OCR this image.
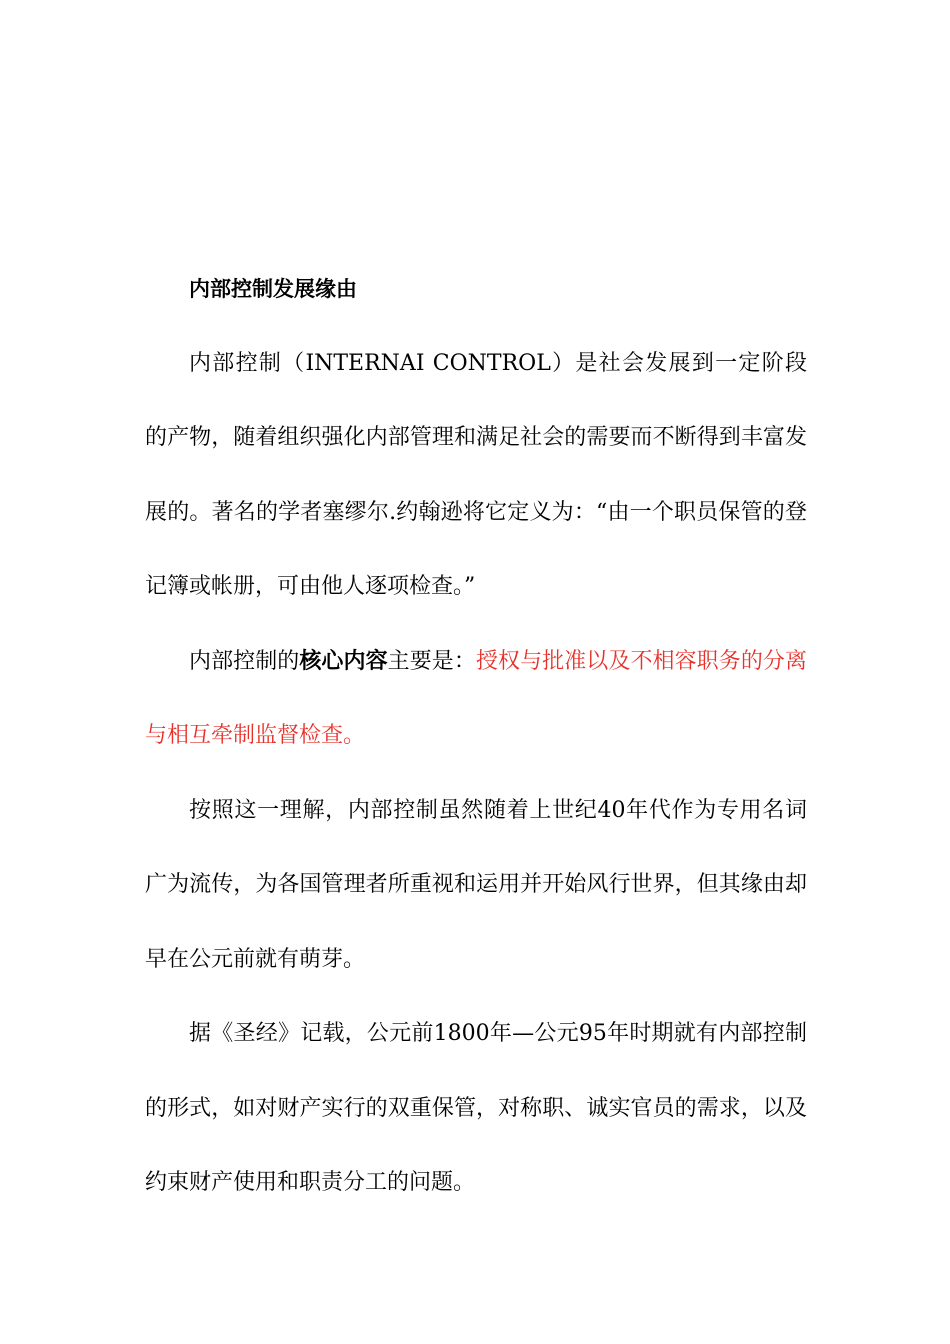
内部控制发展缘由

内部控制（INTERNAI CONTROL）是社会发展到一定阶段的产物，随着组织强化内部管理和满足社会的需要而不断得到丰富发展的。著名的学者塞缪尔.约翰逊将它定义为：“由一个职员保管的登记簿或帐册，可由他人逐项检查。”

内部控制的核心内容主要是：授权与批准以及不相容职务的分离与相互牵制监督检查。

按照这一理解，内部控制虽然随着上世纪40年代作为专用名词广为流传，为各国管理者所重视和运用并开始风行世界，但其缘由却早在公元前就有萌芽。

据《圣经》记载，公元前1800年—公元95年时期就有内部控制的形式，如对财产实行的双重保管，对称职、诚实官员的需求，以及约束财产使用和职责分工的问题。
